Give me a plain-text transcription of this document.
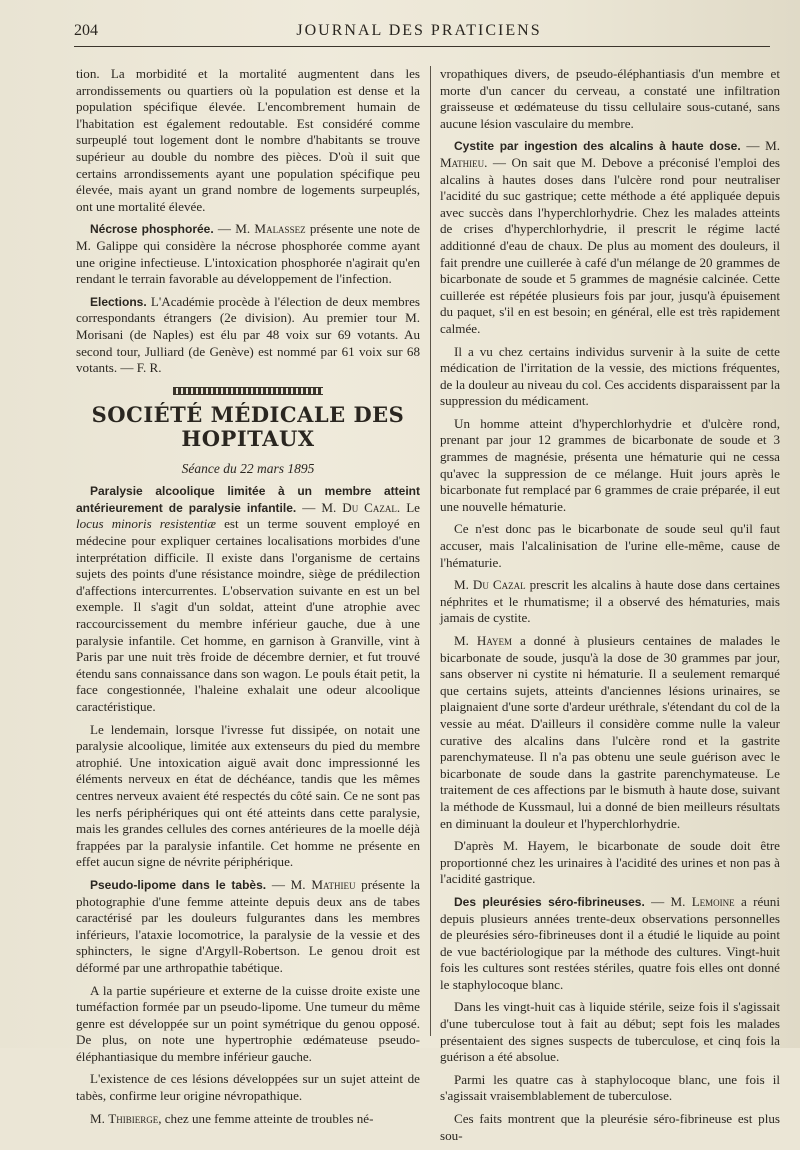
204	JOURNAL DES PRATICIENS

tion. La morbidité et la mortalité augmentent dans les arrondissements ou quartiers où la population est dense et la population spécifique élevée. L'encombrement humain de l'habitation est également redoutable. Est considéré comme surpeuplé tout logement dont le nombre d'habitants se trouve supérieur au double du nombre des pièces. D'où il suit que certains arrondissements ayant une population spécifique peu élevée, mais ayant un grand nombre de logements surpeuplés, ont une mortalité élevée.

Nécrose phosphorée. — M. Malassez présente une note de M. Galippe qui considère la nécrose phosphorée comme ayant une origine infectieuse. L'intoxication phosphorée n'agirait qu'en rendant le terrain favorable au développement de l'infection.

Elections. L'Académie procède à l'élection de deux membres correspondants étrangers (2e division). Au premier tour M. Morisani (de Naples) est élu par 48 voix sur 69 votants. Au second tour, Julliard (de Genève) est nommé par 61 voix sur 68 votants. — F. R.

SOCIÉTÉ MÉDICALE DES HOPITAUX
Séance du 22 mars 1895

Paralysie alcoolique limitée à un membre atteint antérieurement de paralysie infantile. — M. Du Cazal. Le locus minoris resistentiæ est un terme souvent employé en médecine pour expliquer certaines localisations morbides d'une interprétation difficile. Il existe dans l'organisme de certains sujets des points d'une résistance moindre, siège de prédilection d'affections intercurrentes. L'observation suivante en est un bel exemple. Il s'agit d'un soldat, atteint d'une atrophie avec raccourcissement du membre inférieur gauche, due à une paralysie infantile. Cet homme, en garnison à Granville, vint à Paris par une nuit très froide de décembre dernier, et fut trouvé étendu sans connaissance dans son wagon. Le pouls était petit, la face congestionnée, l'haleine exhalait une odeur alcoolique caractéristique.

Le lendemain, lorsque l'ivresse fut dissipée, on notait une paralysie alcoolique, limitée aux extenseurs du pied du membre atrophié. Une intoxication aiguë avait donc impressionné les éléments nerveux en état de déchéance, tandis que les mêmes centres nerveux avaient été respectés du côté sain. Ce ne sont pas les nerfs périphériques qui ont été atteints dans cette paralysie, mais les grandes cellules des cornes antérieures de la moelle déjà frappées par la paralysie infantile. Cet homme ne présente en effet aucun signe de névrite périphérique.

Pseudo-lipome dans le tabès. — M. Mathieu présente la photographie d'une femme atteinte depuis deux ans de tabes caractérisé par les douleurs fulgurantes dans les membres inférieurs, l'ataxie locomotrice, la paralysie de la vessie et des sphincters, le signe d'Argyll-Robertson. Le genou droit est déformé par une arthropathie tabétique.

A la partie supérieure et externe de la cuisse droite existe une tuméfaction formée par un pseudo-lipome. Une tumeur du même genre est développée sur un point symétrique du genou opposé. De plus, on note une hypertrophie œdémateuse pseudo-éléphantiasique du membre inférieur gauche.

L'existence de ces lésions développées sur un sujet atteint de tabès, confirme leur origine névropathique.

M. Thibierge, chez une femme atteinte de troubles né-

vropathiques divers, de pseudo-éléphantiasis d'un membre et morte d'un cancer du cerveau, a constaté une infiltration graisseuse et œdémateuse du tissu cellulaire sous-cutané, sans aucune lésion vasculaire du membre.

Cystite par ingestion des alcalins à haute dose. — M. Mathieu. — On sait que M. Debove a préconisé l'emploi des alcalins à hautes doses dans l'ulcère rond pour neutraliser l'acidité du suc gastrique; cette méthode a été appliquée depuis avec succès dans l'hyperchlorhydrie. Chez les malades atteints de crises d'hyperchlorhydrie, il prescrit le régime lacté additionné d'eau de chaux. De plus au moment des douleurs, il fait prendre une cuillerée à café d'un mélange de 20 grammes de bicarbonate de soude et 5 grammes de magnésie calcinée. Cette cuillerée est répétée plusieurs fois par jour, jusqu'à épuisement du paquet, s'il en est besoin; en général, elle est très rapidement calmée.

Il a vu chez certains individus survenir à la suite de cette médication de l'irritation de la vessie, des mictions fréquentes, de la douleur au niveau du col. Ces accidents disparaissent par la suppression du médicament.

Un homme atteint d'hyperchlorhydrie et d'ulcère rond, prenant par jour 12 grammes de bicarbonate de soude et 3 grammes de magnésie, présenta une hématurie qui ne cessa qu'avec la suppression de ce mélange. Huit jours après le bicarbonate fut remplacé par 6 grammes de craie préparée, il eut une nouvelle hématurie.

Ce n'est donc pas le bicarbonate de soude seul qu'il faut accuser, mais l'alcalinisation de l'urine elle-même, cause de l'hématurie.

M. Du Cazal prescrit les alcalins à haute dose dans certaines néphrites et le rhumatisme; il a observé des hématuries, mais jamais de cystite.

M. Hayem a donné à plusieurs centaines de malades le bicarbonate de soude, jusqu'à la dose de 30 grammes par jour, sans observer ni cystite ni hématurie. Il a seulement remarqué que certains sujets, atteints d'anciennes lésions urinaires, se plaignaient d'une sorte d'ardeur uréthrale, s'étendant du col de la vessie au méat. D'ailleurs il considère comme nulle la valeur curative des alcalins dans l'ulcère rond et la gastrite parenchymateuse. Il n'a pas obtenu une seule guérison avec le bicarbonate de soude dans la gastrite parenchymateuse. Le traitement de ces affections par le bismuth à haute dose, suivant la méthode de Kussmaul, lui a donné de bien meilleurs résultats en diminuant la douleur et l'hyperchlorhydrie.

D'après M. Hayem, le bicarbonate de soude doit être proportionné chez les urinaires à l'acidité des urines et non pas à l'acidité gastrique.

Des pleurésies séro-fibrineuses. — M. Lemoine a réuni depuis plusieurs années trente-deux observations personnelles de pleurésies séro-fibrineuses dont il a étudié le liquide au point de vue bactériologique par la méthode des cultures. Vingt-huit fois les cultures sont restées stériles, quatre fois elles ont donné le staphylocoque blanc.

Dans les vingt-huit cas à liquide stérile, seize fois il s'agissait d'une tuberculose tout à fait au début; sept fois les malades présentaient des signes suspects de tuberculose, et cinq fois la guérison a été absolue.

Parmi les quatre cas à staphylocoque blanc, une fois il s'agissait vraisemblablement de tuberculose.

Ces faits montrent que la pleurésie séro-fibrineuse est plus sou-
